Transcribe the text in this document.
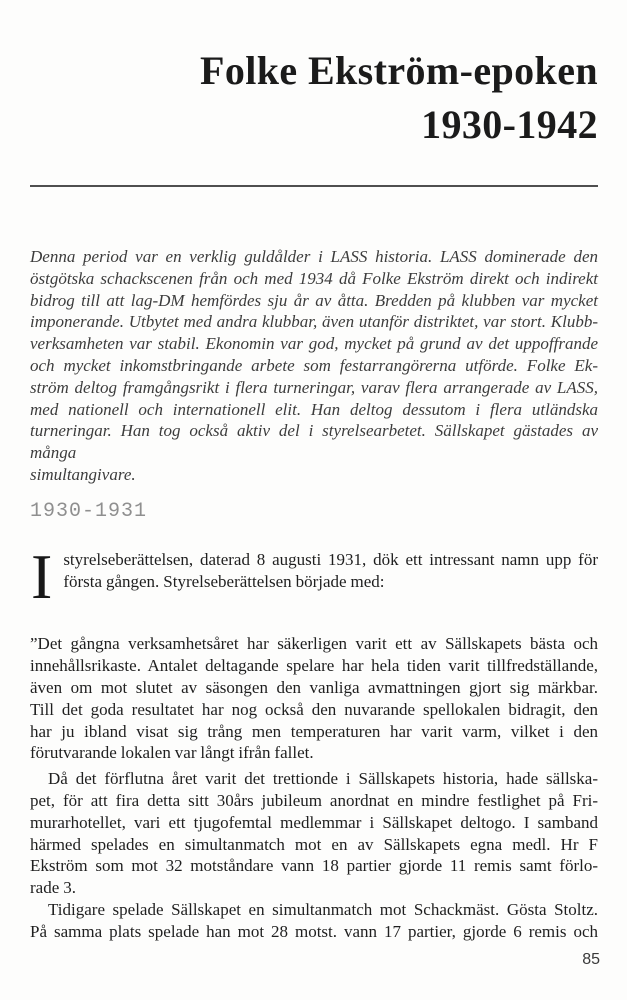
Folke Ekström-epoken
1930-1942
Denna period var en verklig guldålder i LASS historia. LASS dominerade den
östgötska schackscenen från och med 1934 då Folke Ekström direkt och indirekt
bidrog till att lag-DM hemfördes sju år av åtta. Bredden på klubben var mycket
imponerande. Utbytet med andra klubbar, även utanför distriktet, var stort. Klubb-
verksamheten var stabil. Ekonomin var god, mycket på grund av det uppoffrande
och mycket inkomstbringande arbete som festarrangörerna utförde. Folke Ek-
ström deltog framgångsrikt i flera turneringar, varav flera arrangerade av LASS,
med nationell och internationell elit. Han deltog dessutom i flera utländska
turneringar. Han tog också aktiv del i styrelsearbetet. Sällskapet gästades av många
simultangivare.
1930-1931
I styrelseberättelsen, daterad 8 augusti 1931, dök ett intressant namn upp för
första gången. Styrelseberättelsen började med:
”Det gångna verksamhetsåret har säkerligen varit ett av Sällskapets bästa och
innehållsrikaste. Antalet deltagande spelare har hela tiden varit tillfredställande,
även om mot slutet av säsongen den vanliga avmattningen gjort sig märkbar.
Till det goda resultatet har nog också den nuvarande spellokalen bidragit, den
har ju ibland visat sig trång men temperaturen har varit varm, vilket i den
förutvarande lokalen var långt ifrån fallet.
Då det förflutna året varit det trettionde i Sällskapets historia, hade sällska-
pet, för att fira detta sitt 30års jubileum anordnat en mindre festlighet på Fri-
murarhotellet, vari ett tjugofemtal medlemmar i Sällskapet deltogo. I samband
härmed spelades en simultanmatch mot en av Sällskapets egna medl. Hr F
Ekström som mot 32 motståndare vann 18 partier gjorde 11 remis samt förlo-
rade 3.
Tidigare spelade Sällskapet en simultanmatch mot Schackmäst. Gösta Stoltz.
På samma plats spelade han mot 28 motst. vann 17 partier, gjorde 6 remis och
85
